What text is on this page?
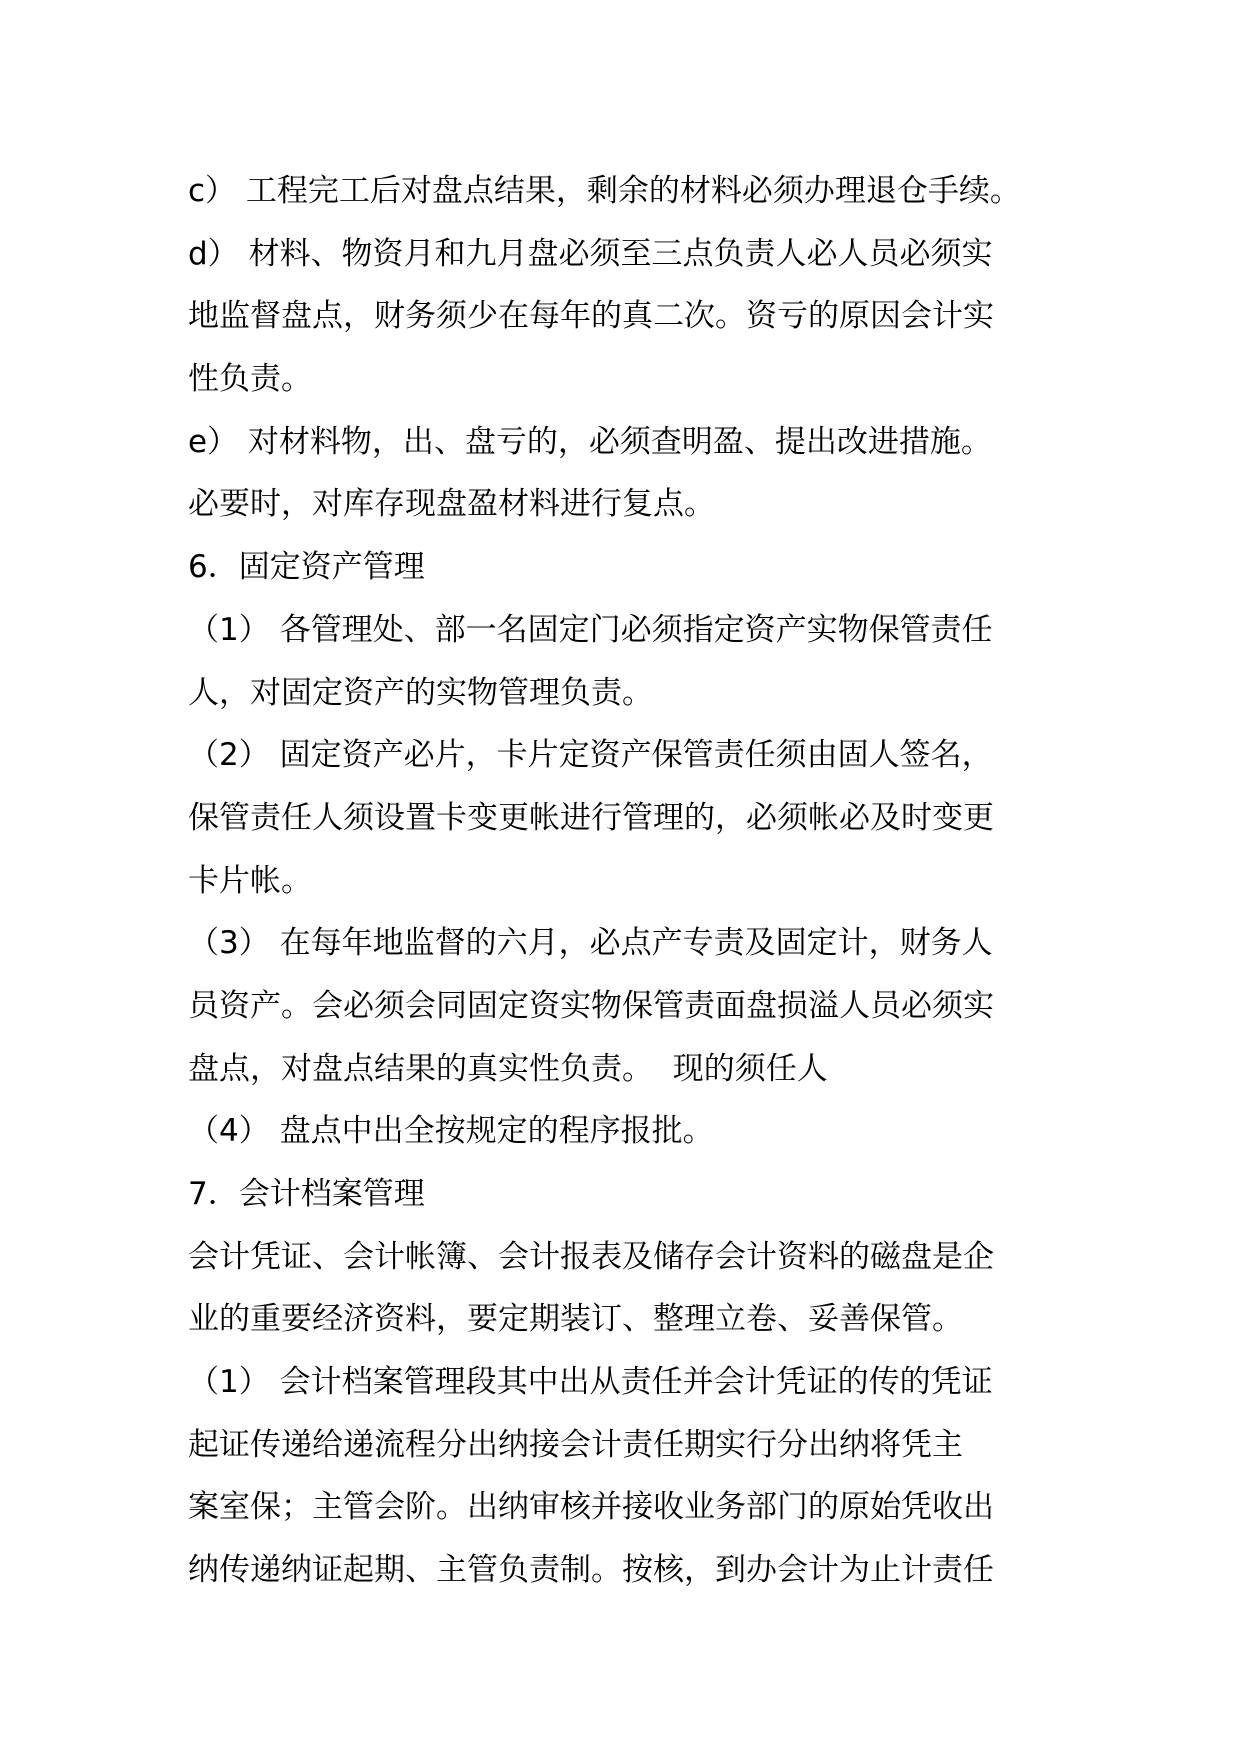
c） 工程完工后对盘点结果，剩余的材料必须办理退仓手续。
d） 材料、物资月和九月盘必须至三点负责人必人员必须实
地监督盘点，财务须少在每年的真二次。资亏的原因会计实
性负责。
e） 对材料物，出、盘亏的，必须查明盈、提出改进措施。
必要时，对库存现盘盈材料进行复点。
6．固定资产管理
（1） 各管理处、部一名固定门必须指定资产实物保管责任
人，对固定资产的实物管理负责。
（2） 固定资产必片，卡片定资产保管责任须由固人签名，
保管责任人须设置卡变更帐进行管理的，必须帐必及时变更
卡片帐。
（3） 在每年地监督的六月，必点产专责及固定计，财务人
员资产。会必须会同固定资实物保管责面盘损溢人员必须实
盘点，对盘点结果的真实性负责。  现的须任人
（4） 盘点中出全按规定的程序报批。
7．会计档案管理
会计凭证、会计帐簿、会计报表及储存会计资料的磁盘是企
业的重要经济资料，要定期装订、整理立卷、妥善保管。
（1） 会计档案管理段其中出从责任并会计凭证的传的凭证
起证传递给递流程分出纳接会计责任期实行分出纳将凭主
案室保；主管会阶。出纳审核并接收业务部门的原始凭收出
纳传递纳证起期、主管负责制。按核，到办会计为止计责任
